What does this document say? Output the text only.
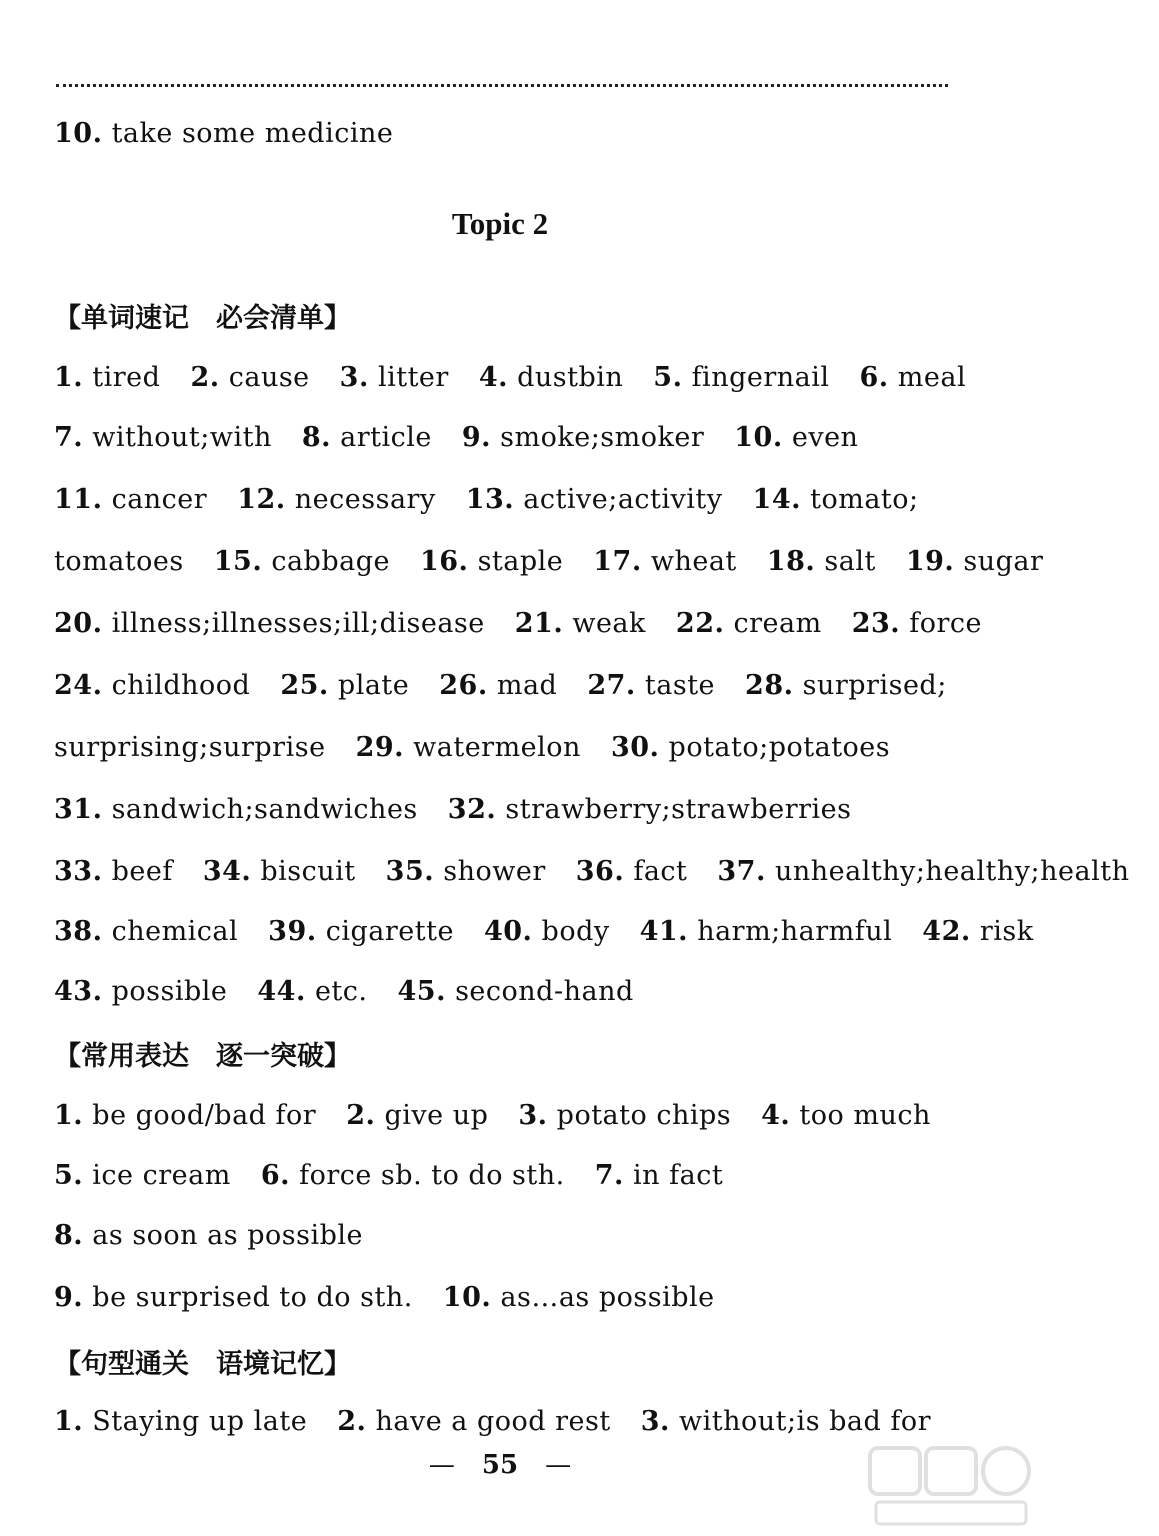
10. take some medicine
Topic 2
【单词速记　必会清单】
1. tired 2. cause 3. litter 4. dustbin 5. fingernail 6. meal
7. without;with 8. article 9. smoke;smoker 10. even
11. cancer 12. necessary 13. active;activity 14. tomato;
tomatoes 15. cabbage 16. staple 17. wheat 18. salt 19. sugar
20. illness;illnesses;ill;disease 21. weak 22. cream 23. force
24. childhood 25. plate 26. mad 27. taste 28. surprised;
surprising;surprise 29. watermelon 30. potato;potatoes
31. sandwich;sandwiches 32. strawberry;strawberries
33. beef 34. biscuit 35. shower 36. fact 37. unhealthy;healthy;health
38. chemical 39. cigarette 40. body 41. harm;harmful 42. risk
43. possible 44. etc. 45. second-hand
【常用表达　逐一突破】
1. be good/bad for 2. give up 3. potato chips 4. too much
5. ice cream 6. force sb. to do sth. 7. in fact
8. as soon as possible
9. be surprised to do sth. 10. as…as possible
【句型通关　语境记忆】
1. Staying up late 2. have a good rest 3. without;is bad for
— 55 —
